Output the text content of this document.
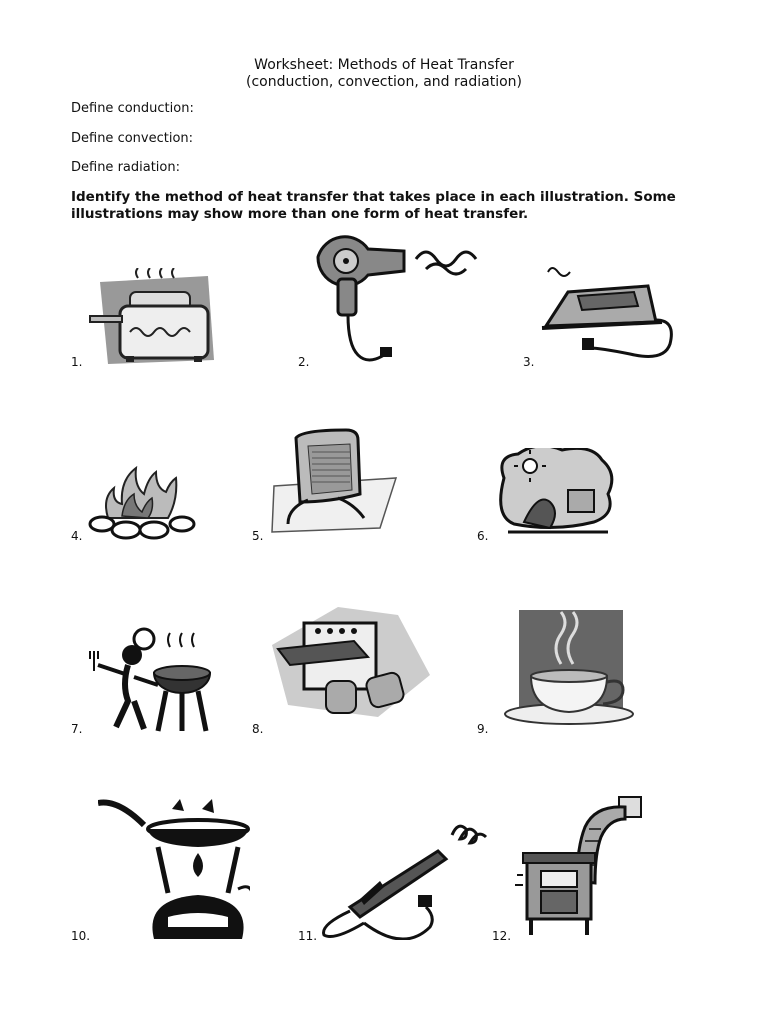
Worksheet: Methods of Heat Transfer
(conduction, convection, and radiation)
Define conduction:
Define convection:
Define radiation:
Identify the method of heat transfer that takes place in each illustration. Some illustrations may show more than one form of heat transfer.
1.	2.	3.
4.	5.	6.
7.	8.	9.
10.	11.	12.
